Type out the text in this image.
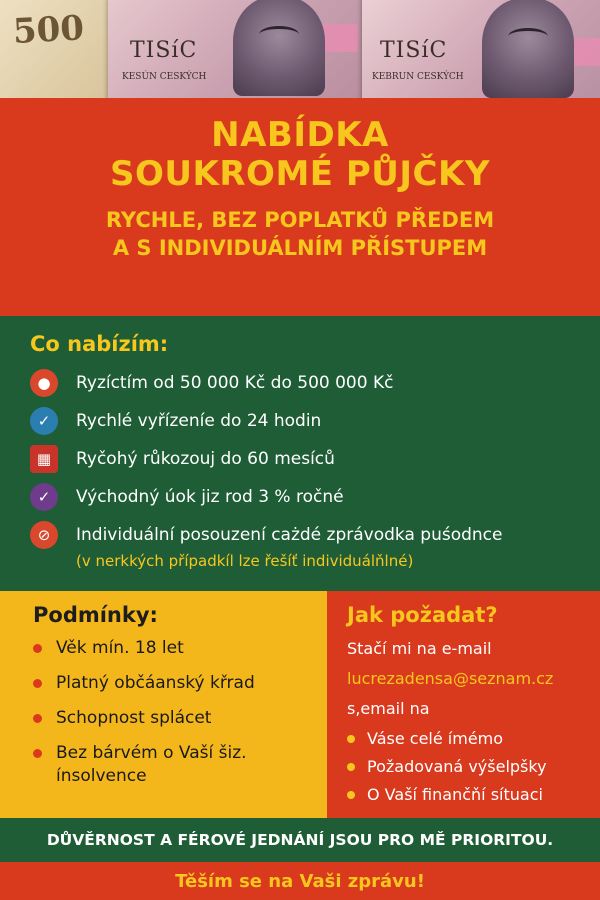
500 TISíC
KESÚN CESKÝCH
TISíC
KEBRUN CESKÝCH
NABÍDKA
SOUKROMÉ PŮJČKY
RYCHLE, BEZ POPLATKŮ PŘEDEM
A S INDIVIDUÁLNÍM PŘÍSTUPEM
Co nabízím:
●	Ryzíctím od 50 000 Kč do 500 000 Kč
✓	Rychlé vyřízeníe do 24 hodin
▦	Ryčohý růkozouj do 60 mesíců
✓	Východný úok jiz rod 3 % ročné
⊘	Individuální posouzení cażdé zprávodka puśodnce
(v nerkkých případkíl lze řešíť individuálňlné)
Podmínky:
Věk mín. 18 let
Platný občáanský křrad
Schopnost splácet
Bez bárvém o Vaší šiz. ínsolvence
Jak požadat?
Stačí mi na e-mail
lucrezadensa@seznam.cz
s,email na
Váse celé ímémo
Požadovaná výšelpšky
O Vaší finančňí sítuaci
DŮVĚRNOST A FÉROVÉ JEDNÁNÍ JSOU PRO MĚ PRIORITOU.
Těším se na Vaši zprávu!
